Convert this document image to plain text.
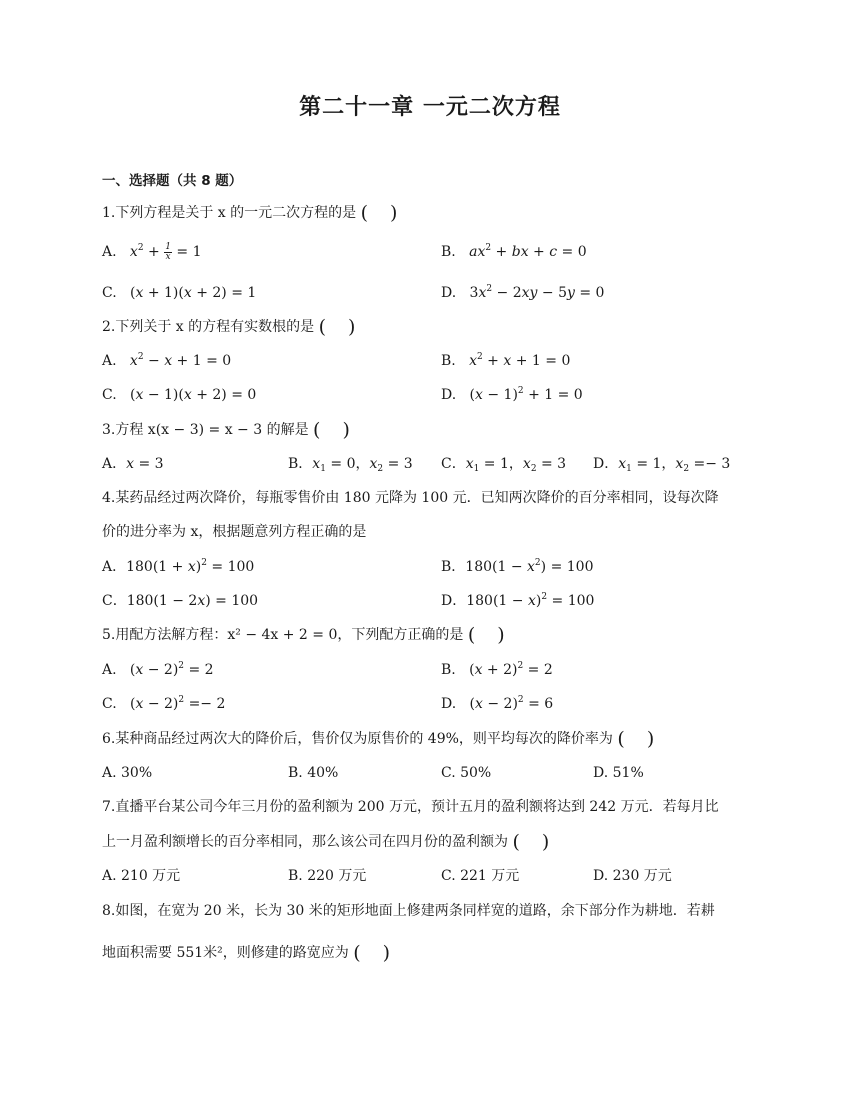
第二十一章 一元二次方程
一、选择题（共 8 题）
1.下列方程是关于 x 的一元二次方程的是 ( )
A. $x^2 + \frac{1}{x} = 1$	B. $ax^2$ + bx + c = 0
C.   (x + 1)(x + 2) = 1	D.   $3x^2 - 2xy - 5y = 0$
2.下列关于 x 的方程有实数根的是 ( )
A.   $x^2 - x + 1 = 0$	B.   $x^2 + x + 1 = 0$
C.   (x − 1)(x + 2) = 0	D.   $(x - 1)^2 + 1 = 0$
3.方程 x(x − 3) = x − 3 的解是 ( )
A．x = 3	B．$x_1 = 0$，$x_2 = 3$ C．$x_1 = 1$，$x_2 = 3$ D．$x_1 = 1$，$x_2 =- 3$
4.某药品经过两次降价，每瓶零售价由 180 元降为 100 元．已知两次降价的百分率相同，设每次降
价的进分率为 x，根据题意列方程正确的是
A．$180(1 + x)^2 = 100$	B．$180(1 - x^2) = 100$
C．180(1 − 2x) = 100	D．$180(1 - x)^2 = 100$
5.用配方法解方程：x² − 4x + 2 = 0，下列配方正确的是 ( )
A.   $(x - 2)^2 = 2$	B.   $(x + 2)^2 = 2$
C.   $(x - 2)^2 =- 2$	D.   $(x - 2)^2 = 6$
6.某种商品经过两次大的降价后，售价仅为原售价的 49%，则平均每次的降价率为 ( )
A. 30%	B. 40%	C. 50%	D. 51%
7.直播平台某公司今年三月份的盈利额为 200 万元，预计五月的盈利额将达到 242 万元．若每月比
上一月盈利额增长的百分率相同，那么该公司在四月份的盈利额为 ( )
A. 210 万元	B. 220 万元	C. 221 万元	D. 230 万元
8.如图，在宽为 20 米，长为 30 米的矩形地面上修建两条同样宽的道路，余下部分作为耕地．若耕
地面积需要 551米²，则修建的路宽应为 ( )
